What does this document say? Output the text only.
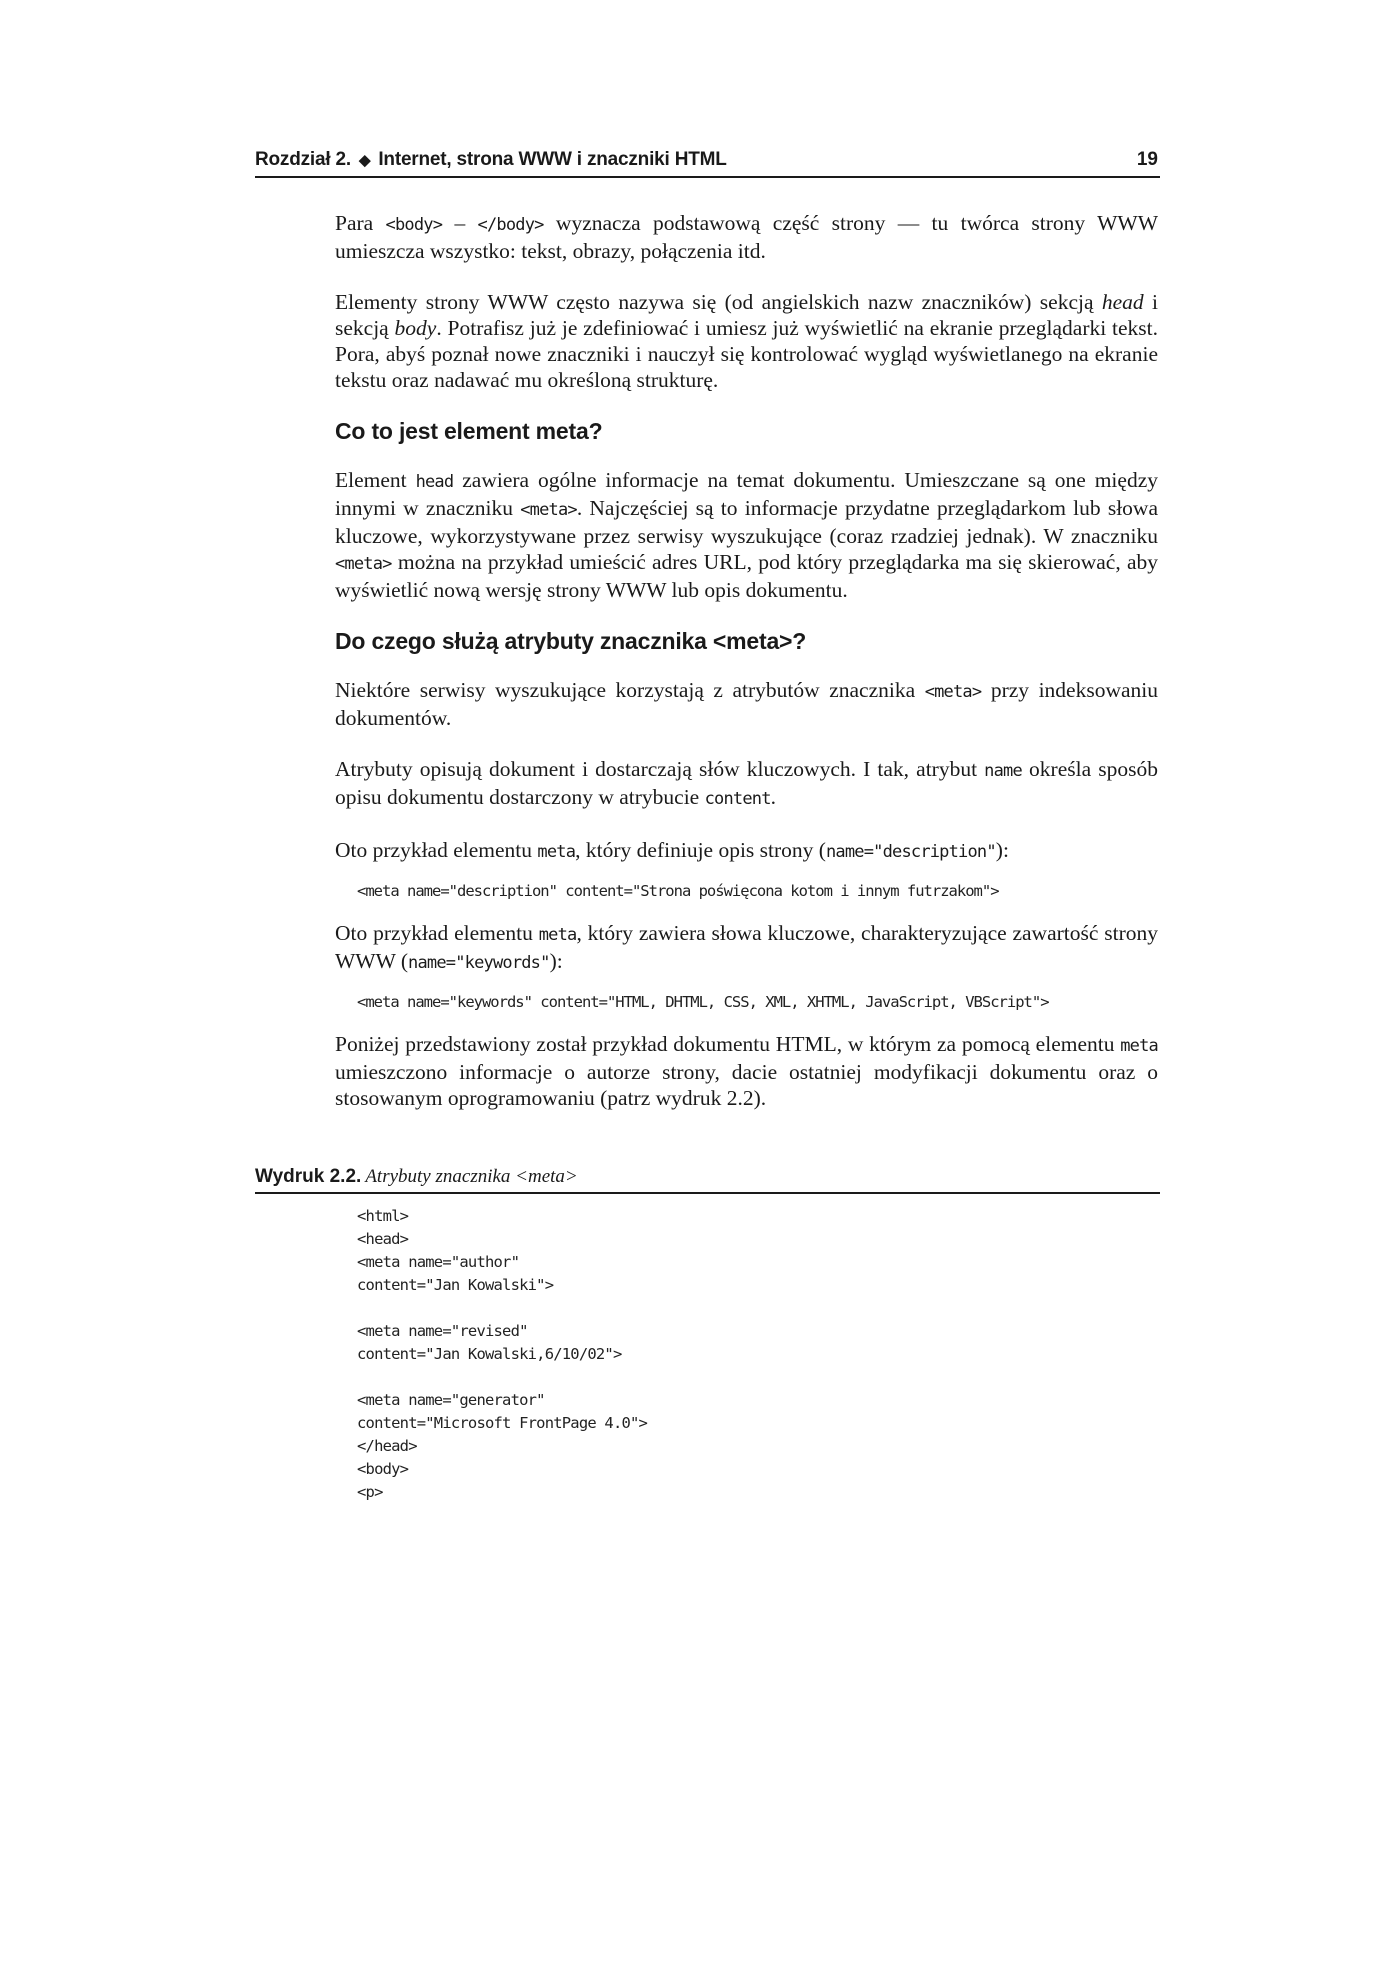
Rozdział 2. ◆ Internet, strona WWW i znaczniki HTML	19

Para <body> – </body> wyznacza podstawową część strony — tu twórca strony WWW umieszcza wszystko: tekst, obrazy, połączenia itd.

Elementy strony WWW często nazywa się (od angielskich nazw znaczników) sekcją head i sekcją body. Potrafisz już je zdefiniować i umiesz już wyświetlić na ekranie przeglądarki tekst. Pora, abyś poznał nowe znaczniki i nauczył się kontrolować wygląd wyświetlanego na ekranie tekstu oraz nadawać mu określoną strukturę.

Co to jest element meta?

Element head zawiera ogólne informacje na temat dokumentu. Umieszczane są one między innymi w znaczniku <meta>. Najczęściej są to informacje przydatne przeglądarkom lub słowa kluczowe, wykorzystywane przez serwisy wyszukujące (coraz rzadziej jednak). W znaczniku <meta> można na przykład umieścić adres URL, pod który przeglądarka ma się skierować, aby wyświetlić nową wersję strony WWW lub opis dokumentu.

Do czego służą atrybuty znacznika <meta>?

Niektóre serwisy wyszukujące korzystają z atrybutów znacznika <meta> przy indeksowaniu dokumentów.

Atrybuty opisują dokument i dostarczają słów kluczowych. I tak, atrybut name określa sposób opisu dokumentu dostarczony w atrybucie content.

Oto przykład elementu meta, który definiuje opis strony (name="description"):

<meta name="description" content="Strona poświęcona kotom i innym futrzakom">

Oto przykład elementu meta, który zawiera słowa kluczowe, charakteryzujące zawartość strony WWW (name="keywords"):

<meta name="keywords" content="HTML, DHTML, CSS, XML, XHTML, JavaScript, VBScript">

Poniżej przedstawiony został przykład dokumentu HTML, w którym za pomocą elementu meta umieszczono informacje o autorze strony, dacie ostatniej modyfikacji dokumentu oraz o stosowanym oprogramowaniu (patrz wydruk 2.2).

Wydruk 2.2. Atrybuty znacznika <meta>
<html>
<head>
<meta name="author"
content="Jan Kowalski">
<meta name="revised"
content="Jan Kowalski,6/10/02">
<meta name="generator"
content="Microsoft FrontPage 4.0">
</head>
<body>
<p>
